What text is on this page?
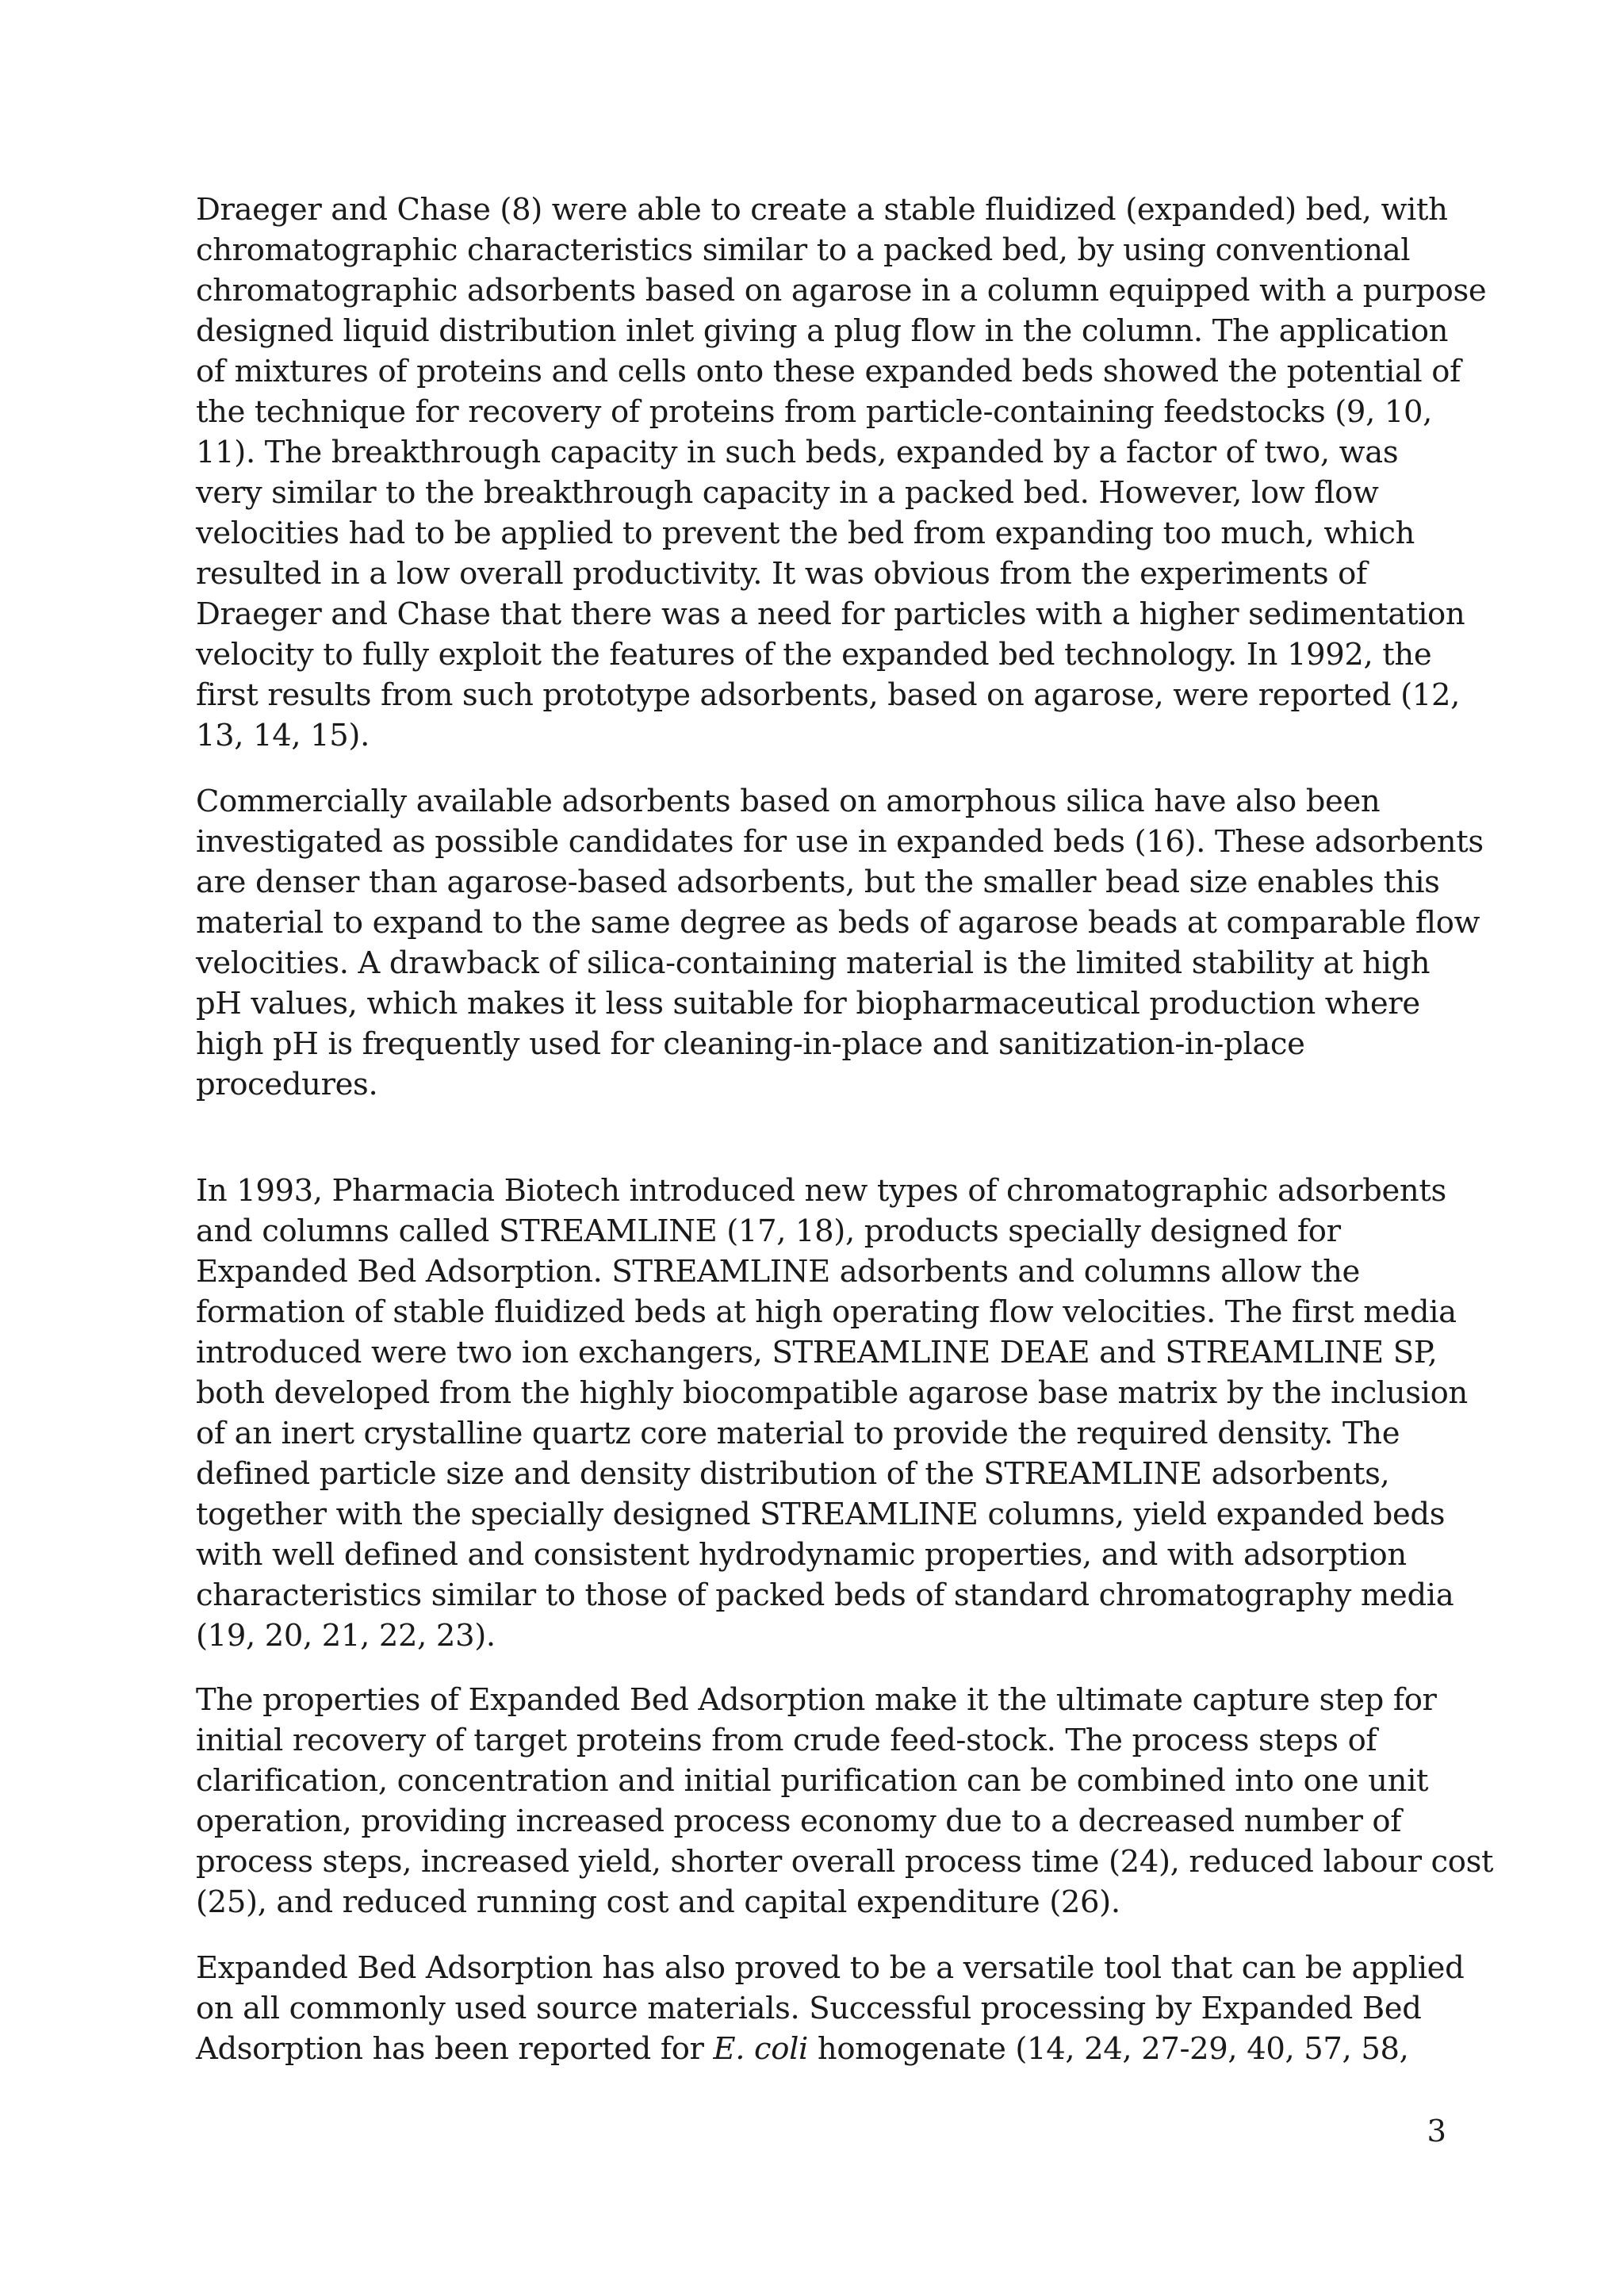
Draeger and Chase (8) were able to create a stable fluidized (expanded) bed, with
chromatographic characteristics similar to a packed bed, by using conventional
chromatographic adsorbents based on agarose in a column equipped with a purpose
designed liquid distribution inlet giving a plug flow in the column. The application
of mixtures of proteins and cells onto these expanded beds showed the potential of
the technique for recovery of proteins from particle-containing feedstocks (9, 10,
11). The breakthrough capacity in such beds, expanded by a factor of two, was
very similar to the breakthrough capacity in a packed bed. However, low flow
velocities had to be applied to prevent the bed from expanding too much, which
resulted in a low overall productivity. It was obvious from the experiments of
Draeger and Chase that there was a need for particles with a higher sedimentation
velocity to fully exploit the features of the expanded bed technology. In 1992, the
first results from such prototype adsorbents, based on agarose, were reported (12,
13, 14, 15).
Commercially available adsorbents based on amorphous silica have also been
investigated as possible candidates for use in expanded beds (16). These adsorbents
are denser than agarose-based adsorbents, but the smaller bead size enables this
material to expand to the same degree as beds of agarose beads at comparable flow
velocities. A drawback of silica-containing material is the limited stability at high
pH values, which makes it less suitable for biopharmaceutical production where
high pH is frequently used for cleaning-in-place and sanitization-in-place
procedures.
In 1993, Pharmacia Biotech introduced new types of chromatographic adsorbents
and columns called STREAMLINE (17, 18), products specially designed for
Expanded Bed Adsorption. STREAMLINE adsorbents and columns allow the
formation of stable fluidized beds at high operating flow velocities. The first media
introduced were two ion exchangers, STREAMLINE DEAE and STREAMLINE SP,
both developed from the highly biocompatible agarose base matrix by the inclusion
of an inert crystalline quartz core material to provide the required density. The
defined particle size and density distribution of the STREAMLINE adsorbents,
together with the specially designed STREAMLINE columns, yield expanded beds
with well defined and consistent hydrodynamic properties, and with adsorption
characteristics similar to those of packed beds of standard chromatography media
(19, 20, 21, 22, 23).
The properties of Expanded Bed Adsorption make it the ultimate capture step for
initial recovery of target proteins from crude feed-stock. The process steps of
clarification, concentration and initial purification can be combined into one unit
operation, providing increased process economy due to a decreased number of
process steps, increased yield, shorter overall process time (24), reduced labour cost
(25), and reduced running cost and capital expenditure (26).
Expanded Bed Adsorption has also proved to be a versatile tool that can be applied
on all commonly used source materials. Successful processing by Expanded Bed
Adsorption has been reported for E. coli homogenate (14, 24, 27-29, 40, 57, 58,
3
